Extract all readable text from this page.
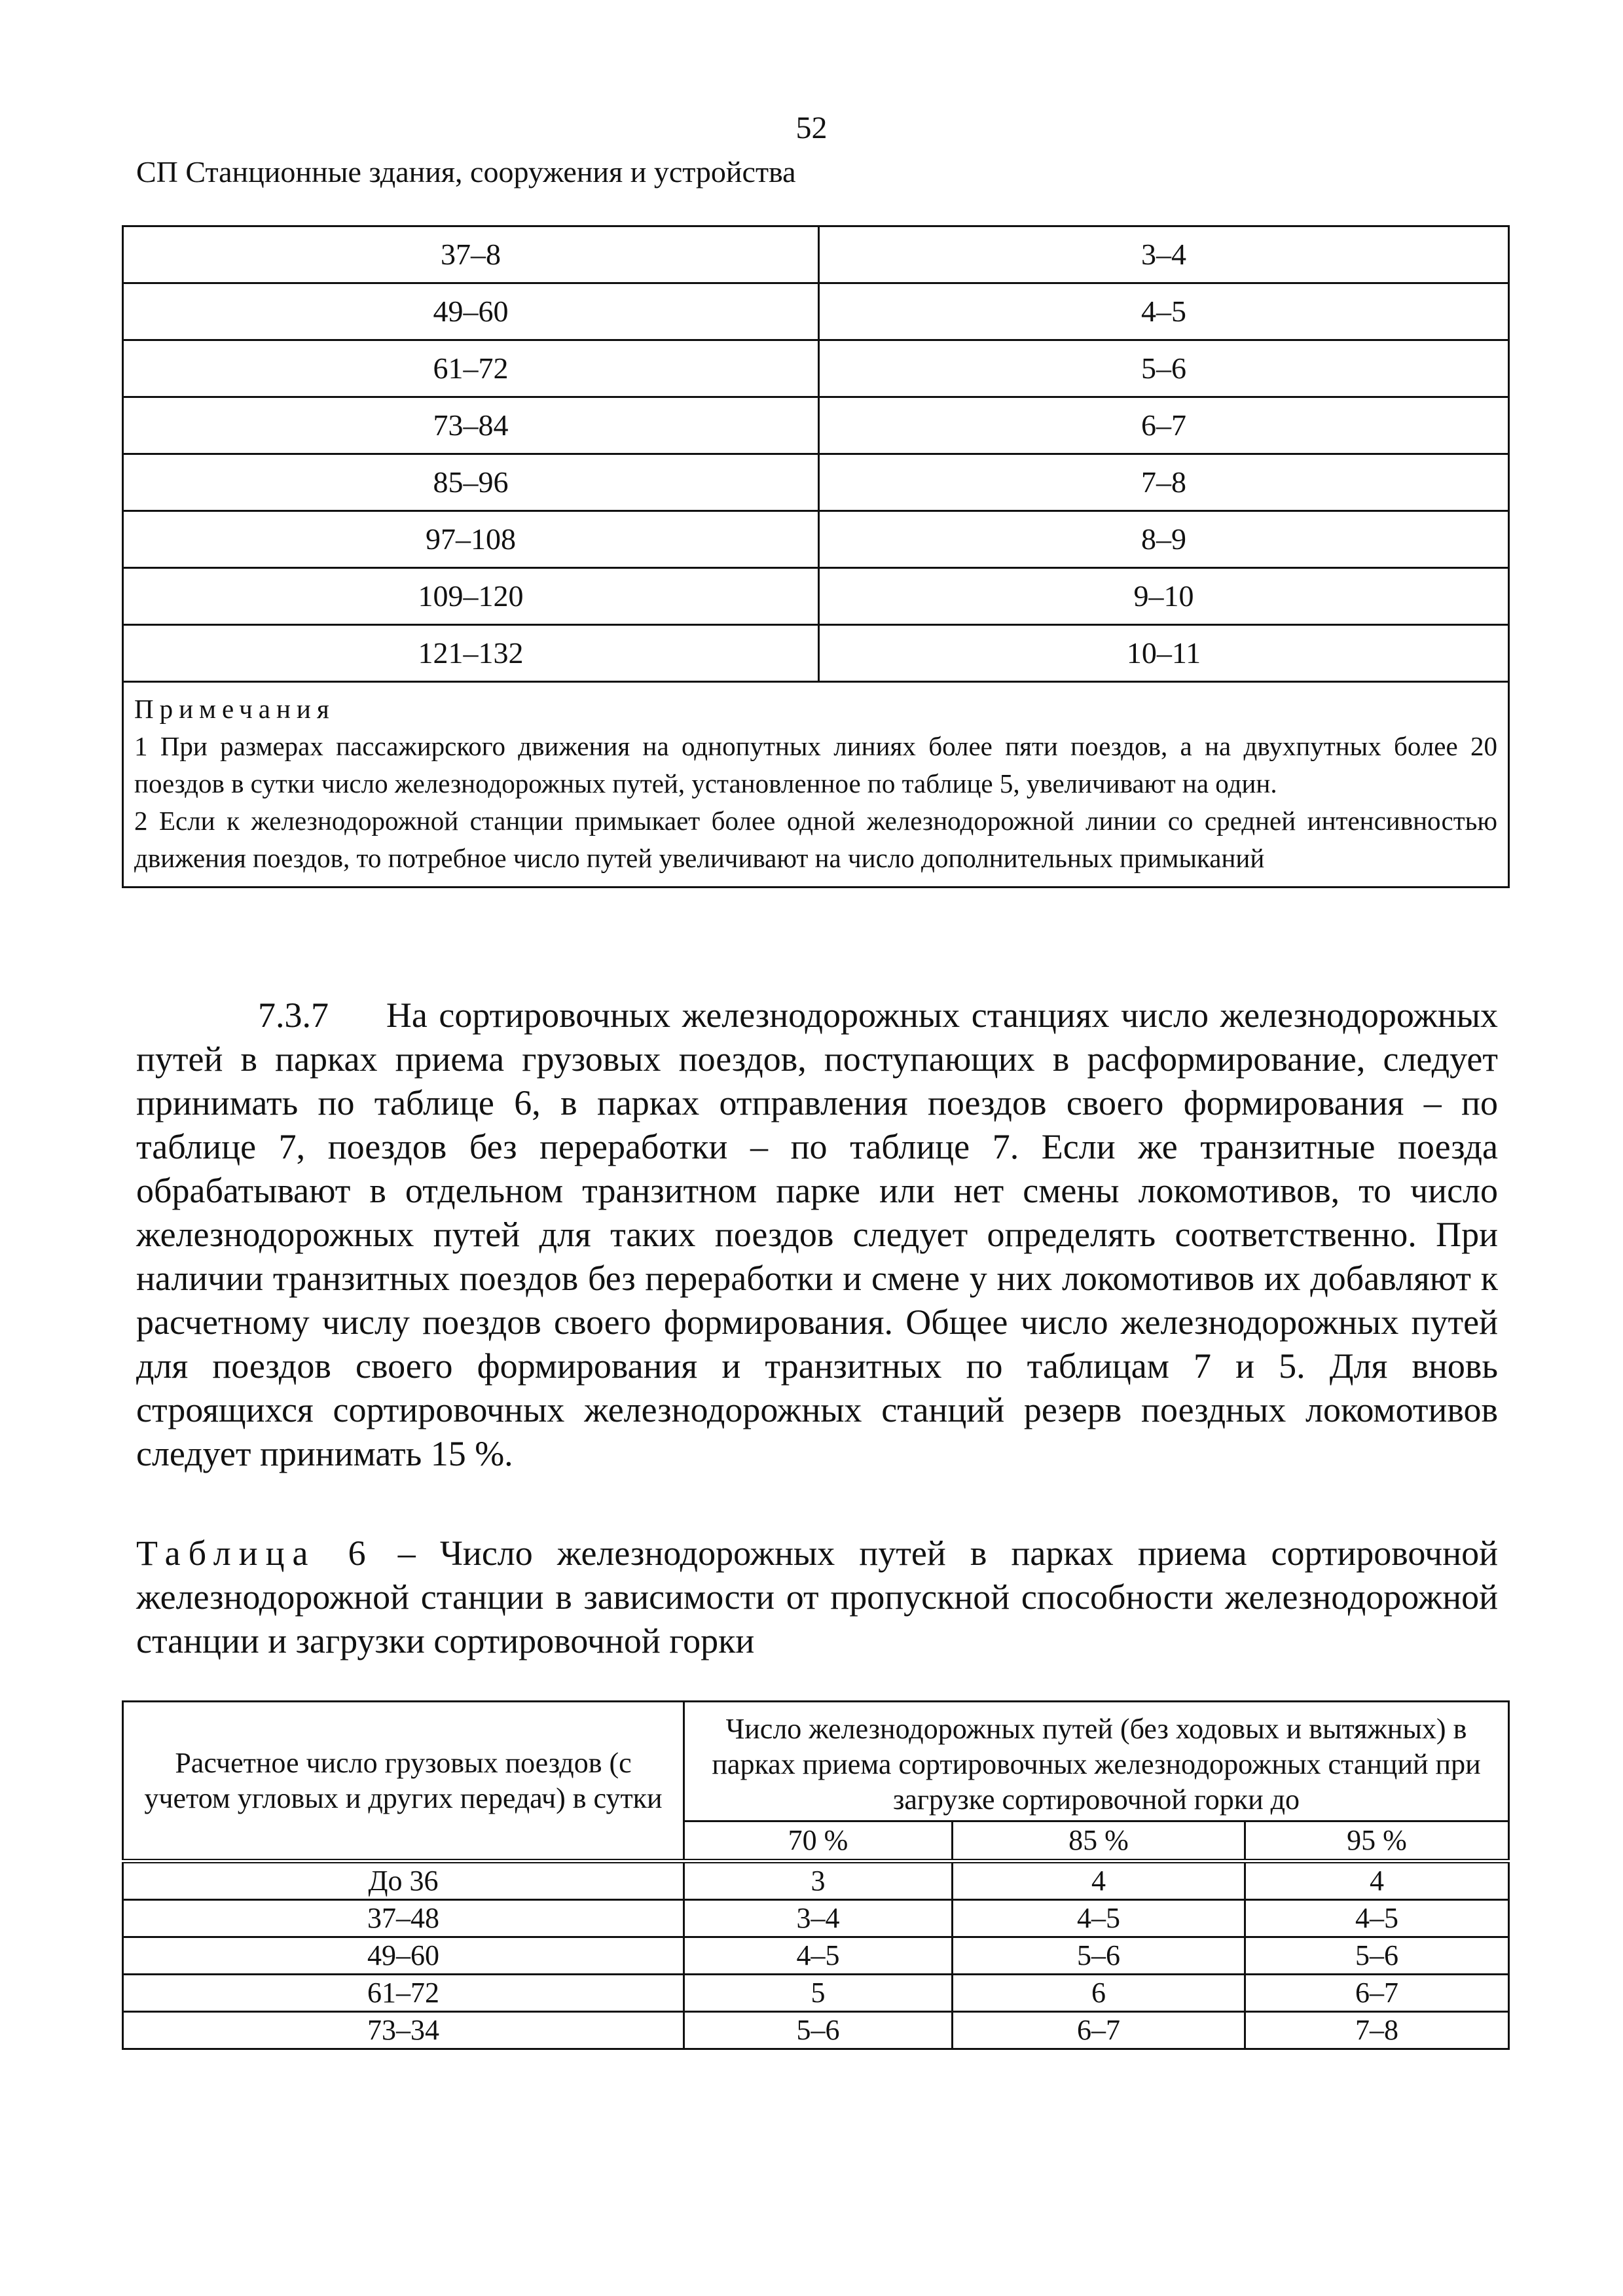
52
СП Станционные здания, сооружения и устройства
37–8	3–4
49–60	4–5
61–72	5–6
73–84	6–7
85–96	7–8
97–108	8–9
109–120	9–10
121–132	10–11

Примечания
1 При размерах пассажирского движения на однопутных линиях более пяти поездов, а на двухпутных более 20 поездов в сутки число железнодорожных путей, установленное по таблице 5, увеличивают на один.
2 Если к железнодорожной станции примыкает более одной железнодорожной линии со средней интенсивностью движения поездов, то потребное число путей увеличивают на число дополнительных примыканий	
7.3.7 На сортировочных железнодорожных станциях число железнодорожных путей в парках приема грузовых поездов, поступающих в расформирование, следует принимать по таблице 6, в парках отправления поездов своего формирования – по таблице 7, поездов без переработки – по таблице 7. Если же транзитные поезда обрабатывают в отдельном транзитном парке или нет смены локомотивов, то число железнодорожных путей для таких поездов следует определять соответственно. При наличии транзитных поездов без переработки и смене у них локомотивов их добавляют к расчетному числу поездов своего формирования. Общее число железнодорожных путей для поездов своего формирования и транзитных по таблицам 7 и 5. Для вновь строящихся сортировочных железнодорожных станций резерв поездных локомотивов следует принимать 15 %.
Таблица 6 – Число железнодорожных путей в парках приема сортировочной железнодорожной станции в зависимости от пропускной способности железнодорожной станции и загрузки сортировочной горки
Расчетное число грузовых поездов (с учетом угловых и других передач) в сутки	Число железнодорожных путей (без ходовых и вытяжных) в парках приема сортировочных железнодорожных станций при загрузке сортировочной горки до		
	70 %	85 %	95 %
До 36	3	4	4
37–48	3–4	4–5	4–5
49–60	4–5	5–6	5–6
61–72	5	6	6–7
73–34	5–6	6–7	7–8
